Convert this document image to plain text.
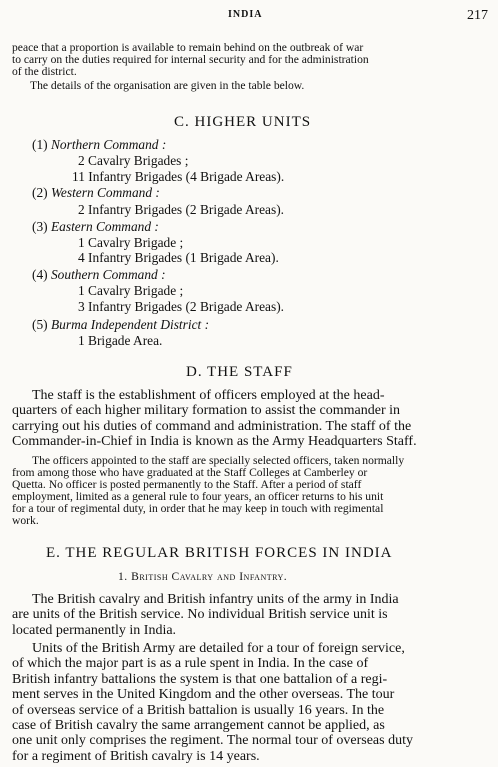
INDIA	217
peace that a proportion is available to remain behind on the outbreak of war
to carry on the duties required for internal security and for the administration
of the district.
The details of the organisation are given in the table below.
C. HIGHER UNITS
(1) Northern Command :
2 Cavalry Brigades ;
11 Infantry Brigades (4 Brigade Areas).
(2) Western Command :
2 Infantry Brigades (2 Brigade Areas).
(3) Eastern Command :
1 Cavalry Brigade ;
4 Infantry Brigades (1 Brigade Area).
(4) Southern Command :
1 Cavalry Brigade ;
3 Infantry Brigades (2 Brigade Areas).
(5) Burma Independent District :
1 Brigade Area.
D. THE STAFF
The staff is the establishment of officers employed at the head-
quarters of each higher military formation to assist the commander in
carrying out his duties of command and administration. The staff of the
Commander-in-Chief in India is known as the Army Headquarters Staff.
The officers appointed to the staff are specially selected officers, taken normally
from among those who have graduated at the Staff Colleges at Camberley or
Quetta. No officer is posted permanently to the Staff. After a period of staff
employment, limited as a general rule to four years, an officer returns to his unit
for a tour of regimental duty, in order that he may keep in touch with regimental
work.
E. THE REGULAR BRITISH FORCES IN INDIA
1. British Cavalry and Infantry.
The British cavalry and British infantry units of the army in India
are units of the British service. No individual British service unit is
located permanently in India.
Units of the British Army are detailed for a tour of foreign service,
of which the major part is as a rule spent in India. In the case of
British infantry battalions the system is that one battalion of a regi-
ment serves in the United Kingdom and the other overseas. The tour
of overseas service of a British battalion is usually 16 years. In the
case of British cavalry the same arrangement cannot be applied, as
one unit only comprises the regiment. The normal tour of overseas duty
for a regiment of British cavalry is 14 years.
